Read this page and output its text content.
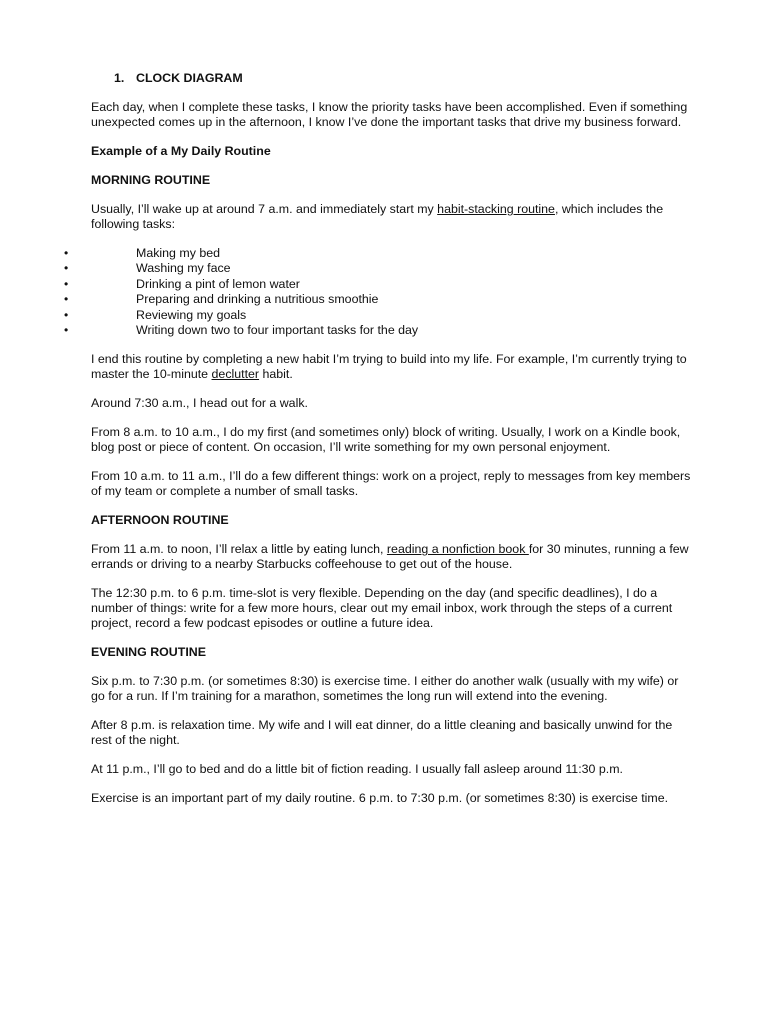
1. CLOCK DIAGRAM

Each day, when I complete these tasks, I know the priority tasks have been accomplished. Even if something unexpected comes up in the afternoon, I know I’ve done the important tasks that drive my business forward.

Example of a My Daily Routine

MORNING ROUTINE

Usually, I’ll wake up at around 7 a.m. and immediately start my habit-stacking routine, which includes the following tasks:

•	Making my bed
•	Washing my face
•	Drinking a pint of lemon water
•	Preparing and drinking a nutritious smoothie
•	Reviewing my goals
•	Writing down two to four important tasks for the day

I end this routine by completing a new habit I’m trying to build into my life. For example, I’m currently trying to master the 10-minute declutter habit.

Around 7:30 a.m., I head out for a walk.

From 8 a.m. to 10 a.m., I do my first (and sometimes only) block of writing. Usually, I work on a Kindle book, blog post or piece of content. On occasion, I’ll write something for my own personal enjoyment.

From 10 a.m. to 11 a.m., I’ll do a few different things: work on a project, reply to messages from key members of my team or complete a number of small tasks.

AFTERNOON ROUTINE

From 11 a.m. to noon, I’ll relax a little by eating lunch, reading a nonfiction book for 30 minutes, running a few errands or driving to a nearby Starbucks coffeehouse to get out of the house.

The 12:30 p.m. to 6 p.m. time-slot is very flexible. Depending on the day (and specific deadlines), I do a number of things: write for a few more hours, clear out my email inbox, work through the steps of a current project, record a few podcast episodes or outline a future idea.

EVENING ROUTINE

Six p.m. to 7:30 p.m. (or sometimes 8:30) is exercise time. I either do another walk (usually with my wife) or go for a run. If I’m training for a marathon, sometimes the long run will extend into the evening.

After 8 p.m. is relaxation time. My wife and I will eat dinner, do a little cleaning and basically unwind for the rest of the night.

At 11 p.m., I’ll go to bed and do a little bit of fiction reading. I usually fall asleep around 11:30 p.m.

Exercise is an important part of my daily routine. 6 p.m. to 7:30 p.m. (or sometimes 8:30) is exercise time.
